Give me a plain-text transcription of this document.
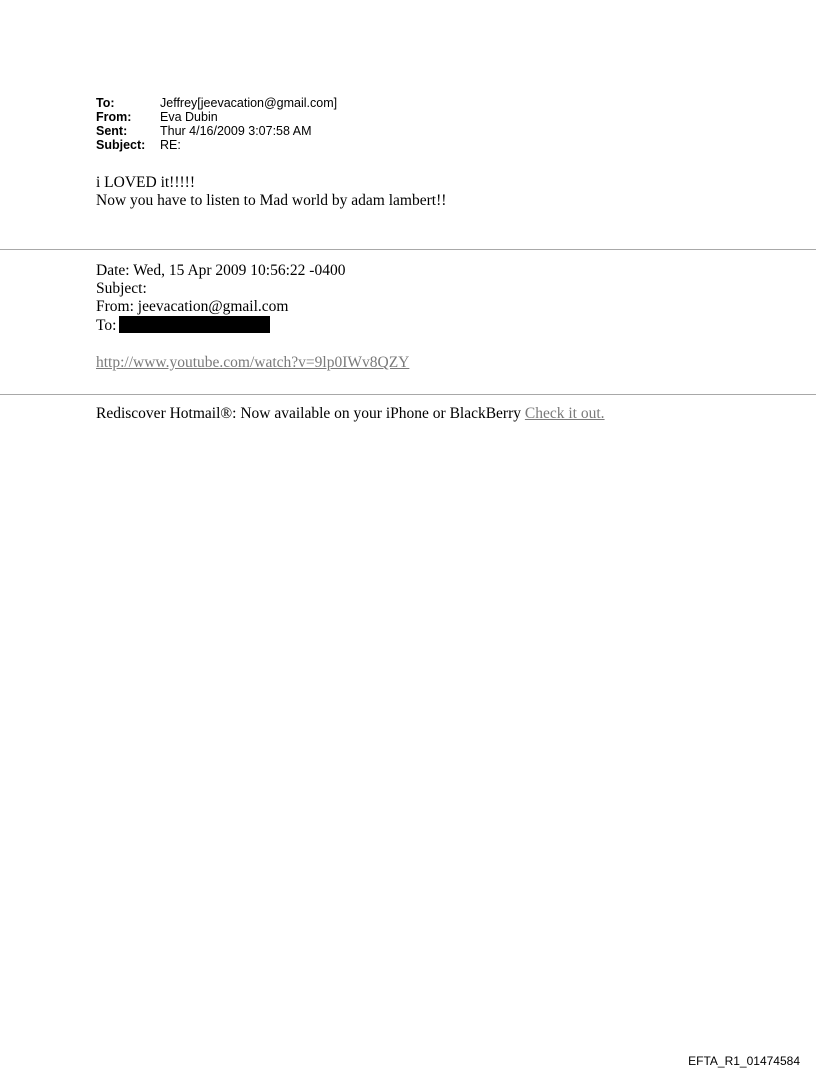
To:	Jeffrey[jeevacation@gmail.com]
From:	Eva Dubin
Sent:	Thur 4/16/2009 3:07:58 AM
Subject:	RE:
i LOVED it!!!!!
Now you have to listen to Mad world by adam lambert!!
Date: Wed, 15 Apr 2009 10:56:22 -0400
Subject:
From: jeevacation@gmail.com
To:
http://www.youtube.com/watch?v=9lp0IWv8QZY
Rediscover Hotmail®: Now available on your iPhone or BlackBerry Check it out.
EFTA_R1_01474584
